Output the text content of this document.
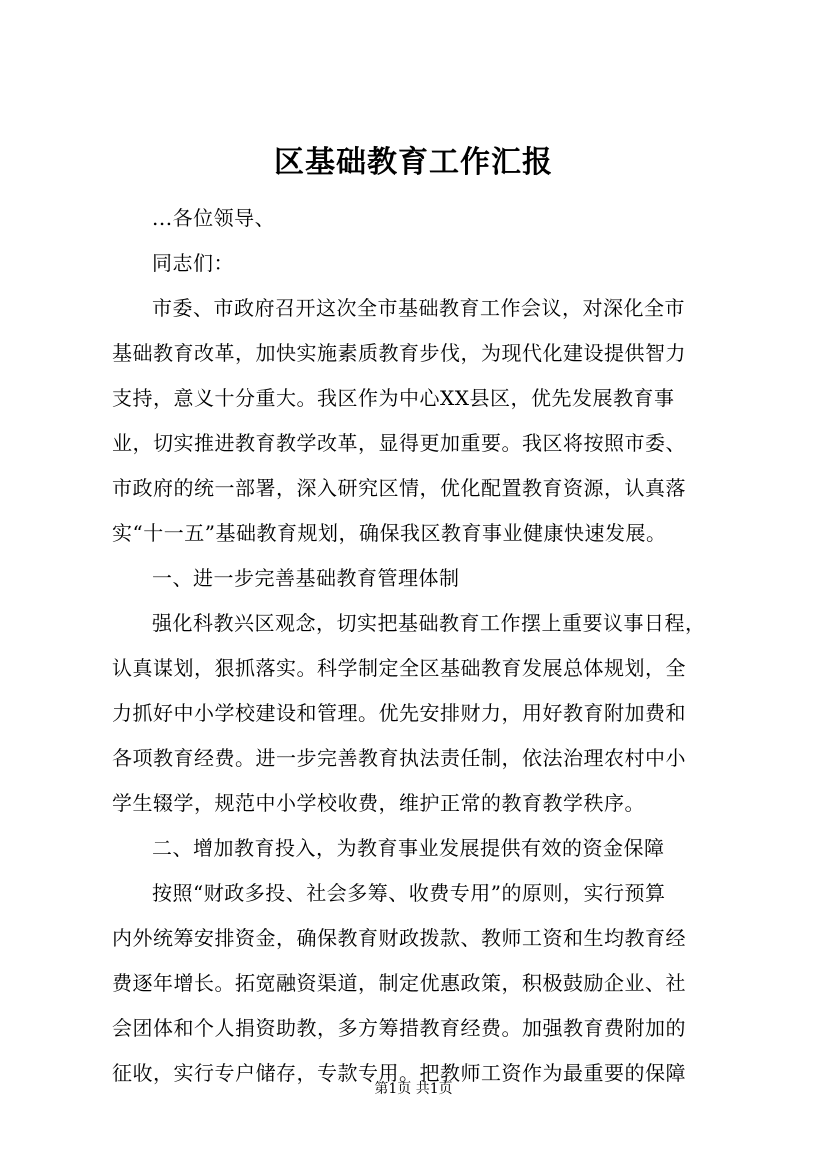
区基础教育工作汇报
...各位领导、
同志们：
市委、市政府召开这次全市基础教育工作会议，对深化全市
基础教育改革，加快实施素质教育步伐，为现代化建设提供智力
支持，意义十分重大。我区作为中心XX县区，优先发展教育事
业，切实推进教育教学改革，显得更加重要。我区将按照市委、
市政府的统一部署，深入研究区情，优化配置教育资源，认真落
实“十一五”基础教育规划，确保我区教育事业健康快速发展。
一、进一步完善基础教育管理体制
强化科教兴区观念，切实把基础教育工作摆上重要议事日程，
认真谋划，狠抓落实。科学制定全区基础教育发展总体规划，全
力抓好中小学校建设和管理。优先安排财力，用好教育附加费和
各项教育经费。进一步完善教育执法责任制，依法治理农村中小
学生辍学，规范中小学校收费，维护正常的教育教学秩序。
二、增加教育投入，为教育事业发展提供有效的资金保障
按照“财政多投、社会多筹、收费专用”的原则，实行预算
内外统筹安排资金，确保教育财政拨款、教师工资和生均教育经
费逐年增长。拓宽融资渠道，制定优惠政策，积极鼓励企业、社
会团体和个人捐资助教，多方筹措教育经费。加强教育费附加的
征收，实行专户储存，专款专用。把教师工资作为最重要的保障
第1页 共1页
